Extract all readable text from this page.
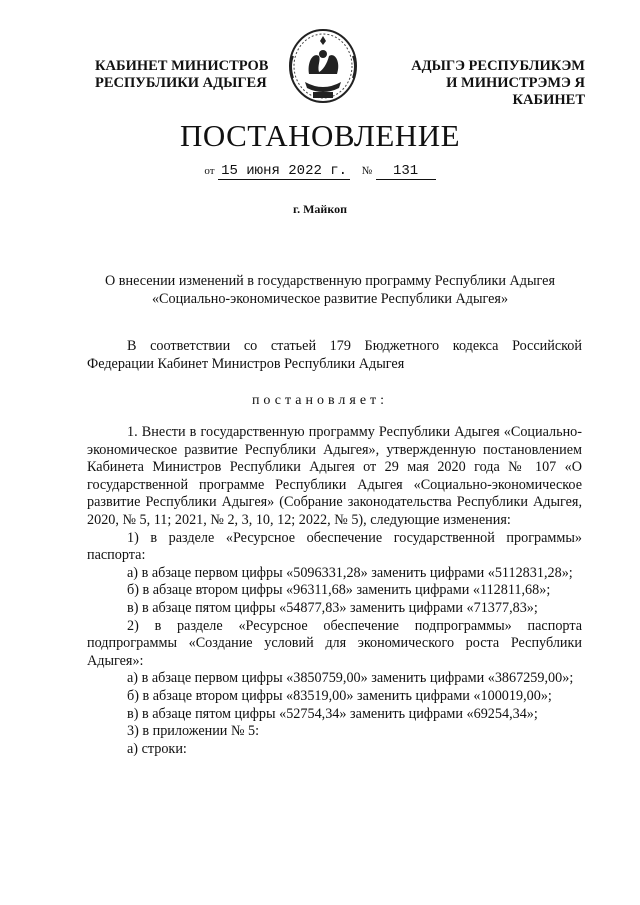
КАБИНЕТ МИНИСТРОВ
РЕСПУБЛИКИ АДЫГЕЯ
АДЫГЭ РЕСПУБЛИКЭМ
И МИНИСТРЭМЭ Я КАБИНЕТ
ПОСТАНОВЛЕНИЕ
от 15 июня 2022 г. № 131
г. Майкоп
О внесении изменений в государственную программу Республики Адыгея
«Социально-экономическое развитие Республики Адыгея»

В соответствии со статьей 179 Бюджетного кодекса Российской Федерации Кабинет Министров Республики Адыгея

постановляет:

1. Внести в государственную программу Республики Адыгея «Социально-экономическое развитие Республики Адыгея», утвержденную постановлением Кабинета Министров Республики Адыгея от 29 мая 2020 года № 107 «О государственной программе Республики Адыгея «Социально-экономическое развитие Республики Адыгея» (Собрание законодательства Республики Адыгея, 2020, № 5, 11; 2021, № 2, 3, 10, 12; 2022, № 5), следующие изменения:

1) в разделе «Ресурсное обеспечение государственной программы» паспорта:

а) в абзаце первом цифры «5096331,28» заменить цифрами «5112831,28»;

б) в абзаце втором цифры «96311,68» заменить цифрами «112811,68»;

в) в абзаце пятом цифры «54877,83» заменить цифрами «71377,83»;

2) в разделе «Ресурсное обеспечение подпрограммы» паспорта подпрограммы «Создание условий для экономического роста Республики Адыгея»:

а) в абзаце первом цифры «3850759,00» заменить цифрами «3867259,00»;

б) в абзаце втором цифры «83519,00» заменить цифрами «100019,00»;

в) в абзаце пятом цифры «52754,34» заменить цифрами «69254,34»;

3) в приложении № 5:

а) строки:
